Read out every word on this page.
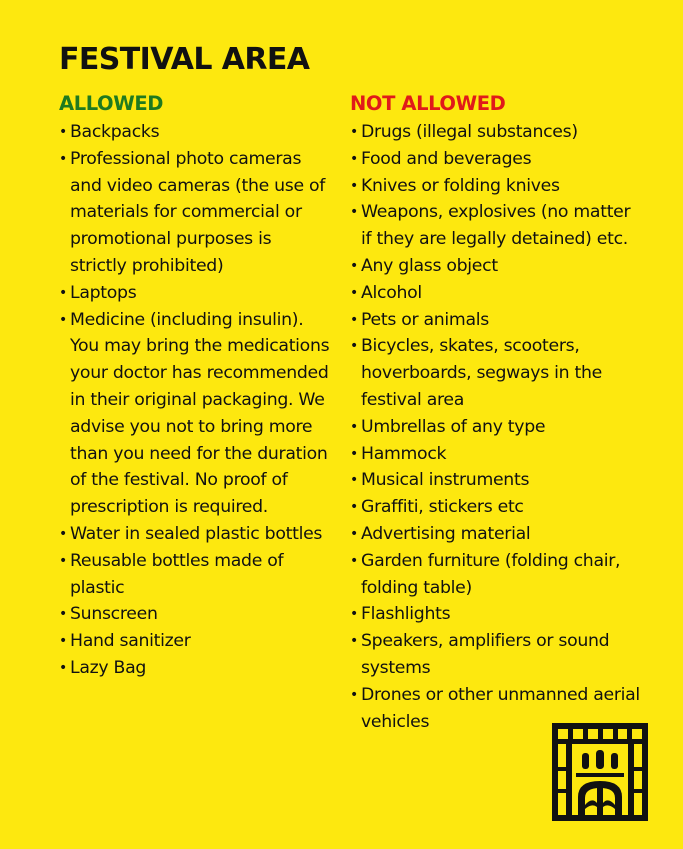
FESTIVAL AREA
ALLOWED
• Backpacks
• Professional photo cameras and video cameras (the use of materials for commercial or promotional purposes is strictly prohibited)
• Laptops
• Medicine (including insulin). You may bring the medications your doctor has recommended in their original packaging. We advise you not to bring more than you need for the duration of the festival. No proof of prescription is required.
• Water in sealed plastic bottles
• Reusable bottles made of plastic
• Sunscreen
• Hand sanitizer
• Lazy Bag
NOT ALLOWED
• Drugs (illegal substances)
• Food and beverages
• Knives or folding knives
• Weapons, explosives (no matter if they are legally detained) etc.
• Any glass object
• Alcohol
• Pets or animals
• Bicycles, skates, scooters, hoverboards, segways in the festival area
• Umbrellas of any type
• Hammock
• Musical instruments
• Graffiti, stickers etc
• Advertising material
• Garden furniture (folding chair, folding table)
• Flashlights
• Speakers, amplifiers or sound systems
• Drones or other unmanned aerial vehicles
